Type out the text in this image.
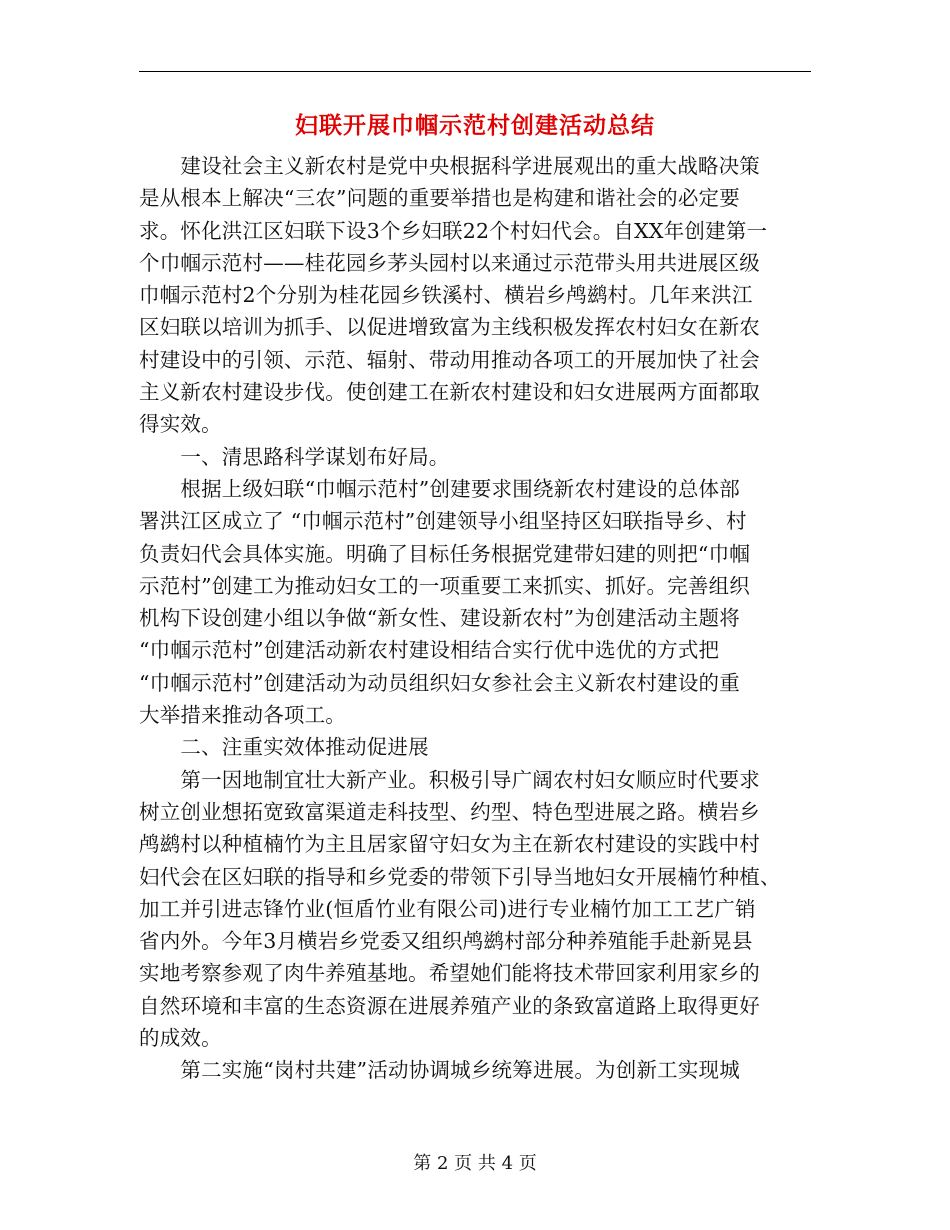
妇联开展巾帼示范村创建活动总结
　　建设社会主义新农村是党中央根据科学进展观出的重大战略决策
是从根本上解决“三农”问题的重要举措也是构建和谐社会的必定要
求。怀化洪江区妇联下设3个乡妇联22个村妇代会。自XX年创建第一
个巾帼示范村——桂花园乡茅头园村以来通过示范带头用共进展区级
巾帼示范村2个分别为桂花园乡铁溪村、横岩乡鸬鹚村。几年来洪江
区妇联以培训为抓手、以促进增致富为主线积极发挥农村妇女在新农
村建设中的引领、示范、辐射、带动用推动各项工的开展加快了社会
主义新农村建设步伐。使创建工在新农村建设和妇女进展两方面都取
得实效。
　　一、清思路科学谋划布好局。
　　根据上级妇联“巾帼示范村”创建要求围绕新农村建设的总体部
署洪江区成立了 “巾帼示范村”创建领导小组坚持区妇联指导乡、村
负责妇代会具体实施。明确了目标任务根据党建带妇建的则把“巾帼
示范村”创建工为推动妇女工的一项重要工来抓实、抓好。完善组织
机构下设创建小组以争做“新女性、建设新农村”为创建活动主题将
“巾帼示范村”创建活动新农村建设相结合实行优中选优的方式把
“巾帼示范村”创建活动为动员组织妇女参社会主义新农村建设的重
大举措来推动各项工。
　　二、注重实效体推动促进展
　　第一因地制宜壮大新产业。积极引导广阔农村妇女顺应时代要求
树立创业想拓宽致富渠道走科技型、约型、特色型进展之路。横岩乡
鸬鹚村以种植楠竹为主且居家留守妇女为主在新农村建设的实践中村
妇代会在区妇联的指导和乡党委的带领下引导当地妇女开展楠竹种植、
加工并引进志锋竹业(恒盾竹业有限公司)进行专业楠竹加工工艺广销
省内外。今年3月横岩乡党委又组织鸬鹚村部分种养殖能手赴新晃县
实地考察参观了肉牛养殖基地。希望她们能将技术带回家利用家乡的
自然环境和丰富的生态资源在进展养殖产业的条致富道路上取得更好
的成效。
　　第二实施“岗村共建”活动协调城乡统筹进展。为创新工实现城
第 2 页 共 4 页
